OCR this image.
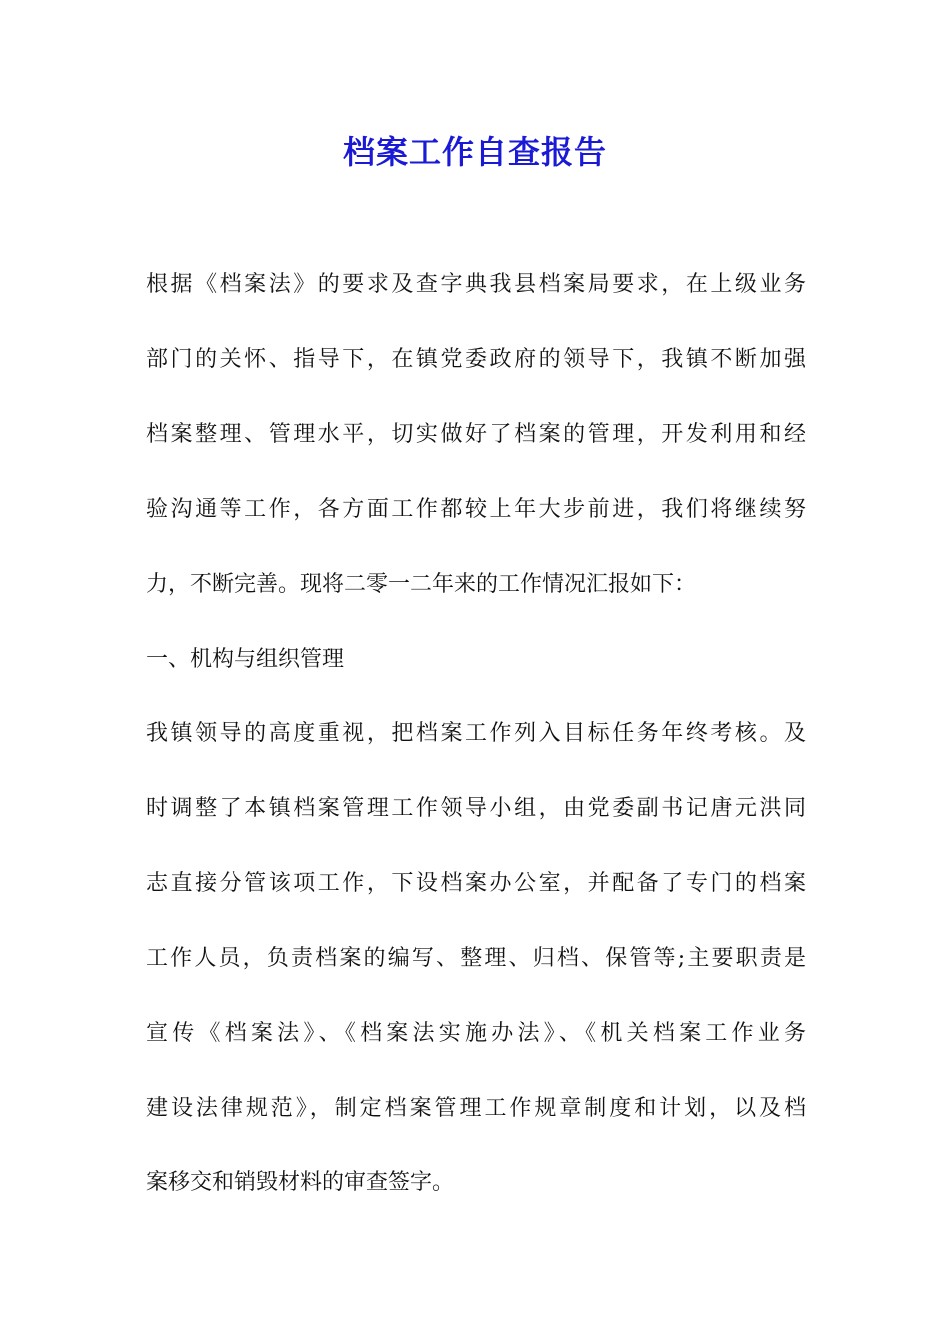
档案工作自查报告
根据《档案法》的要求及查字典我县档案局要求，在上级业务
部门的关怀、指导下，在镇党委政府的领导下，我镇不断加强
档案整理、管理水平，切实做好了档案的管理，开发利用和经
验沟通等工作，各方面工作都较上年大步前进，我们将继续努
力，不断完善。现将二零一二年来的工作情况汇报如下：
一、机构与组织管理
我镇领导的高度重视，把档案工作列入目标任务年终考核。及
时调整了本镇档案管理工作领导小组，由党委副书记唐元洪同
志直接分管该项工作，下设档案办公室，并配备了专门的档案
工作人员，负责档案的编写、整理、归档、保管等;主要职责是
宣传《档案法》、《档案法实施办法》、《机关档案工作业务
建设法律规范》，制定档案管理工作规章制度和计划，以及档
案移交和销毁材料的审查签字。
